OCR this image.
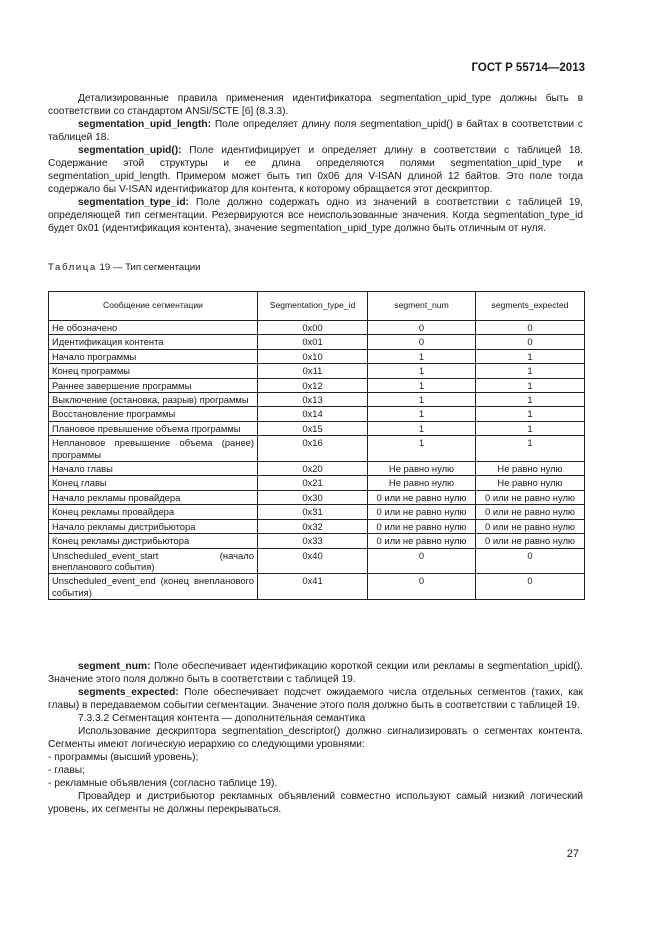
ГОСТ Р 55714—2013

Детализированные правила применения идентификатора segmentation_upid_type должны быть в соответствии со стандартом ANSI/SCTE [6] (8.3.3).

segmentation_upid_length: Поле определяет длину поля segmentation_upid() в байтах в соответствии с таблицей 18.

segmentation_upid(): Поле идентифицирует и определяет длину в соответствии с таблицей 18. Содержание этой структуры и ее длина определяются полями segmentation_upid_type и segmentation_upid_length. Примером может быть тип 0x06 для V-ISAN длиной 12 байтов. Это поле тогда содержало бы V-ISAN идентификатор для контента, к которому обращается этот дескриптор.

segmentation_type_id: Поле должно содержать одно из значений в соответствии с таблицей 19, определяющей тип сегментации. Резервируются все неиспользованные значения. Когда segmentation_type_id будет 0x01 (идентификация контента), значение segmentation_upid_type должно быть отличным от нуля.

Таблица 19 — Тип сегментации
Сообщение сегментации	Segmentation_type_id	segment_num	segments_expected
Не обозначено	0x00	0	0
Идентификация контента	0x01	0	0
Начало программы	0x10	1	1
Конец программы	0x11	1	1
Раннее завершение программы	0x12	1	1
Выключение (остановка, разрыв) программы	0x13	1	1
Восстановление программы	0x14	1	1
Плановое превышение объема программы	0x15	1	1
Неплановое превышение объема (ранее) программы	0x16	1	1
Начало главы	0x20	Не равно нулю	Не равно нулю
Конец главы	0x21	Не равно нулю	Не равно нулю
Начало рекламы провайдера	0x30	0 или не равно нулю	0 или не равно нулю
Конец рекламы провайдера	0x31	0 или не равно нулю	0 или не равно нулю
Начало рекламы дистрибьютора	0x32	0 или не равно нулю	0 или не равно нулю
Конец рекламы дистрибьютора	0x33	0 или не равно нулю	0 или не равно нулю
Unscheduled_event_start (начало внепланового события)	0x40	0	0
Unscheduled_event_end (конец внепланового события)	0x41	0	0

segment_num: Поле обеспечивает идентификацию короткой секции или рекламы в segmentation_upid(). Значение этого поля должно быть в соответствии с таблицей 19.

segments_expected: Поле обеспечивает подсчет ожидаемого числа отдельных сегментов (таких, как главы) в передаваемом событии сегментации. Значение этого поля должно быть в соответствии с таблицей 19.

7.3.3.2 Сегментация контента — дополнительная семантика

Использование дескриптора segmentation_descriptor() должно сигнализировать о сегментах контента. Сегменты имеют логическую иерархию со следующими уровнями:

- программы (высший уровень);

- главы;

- рекламные объявления (согласно таблице 19).

Провайдер и дистрибьютор рекламных объявлений совместно используют самый низкий логический уровень, их сегменты не должны перекрываться.

27
